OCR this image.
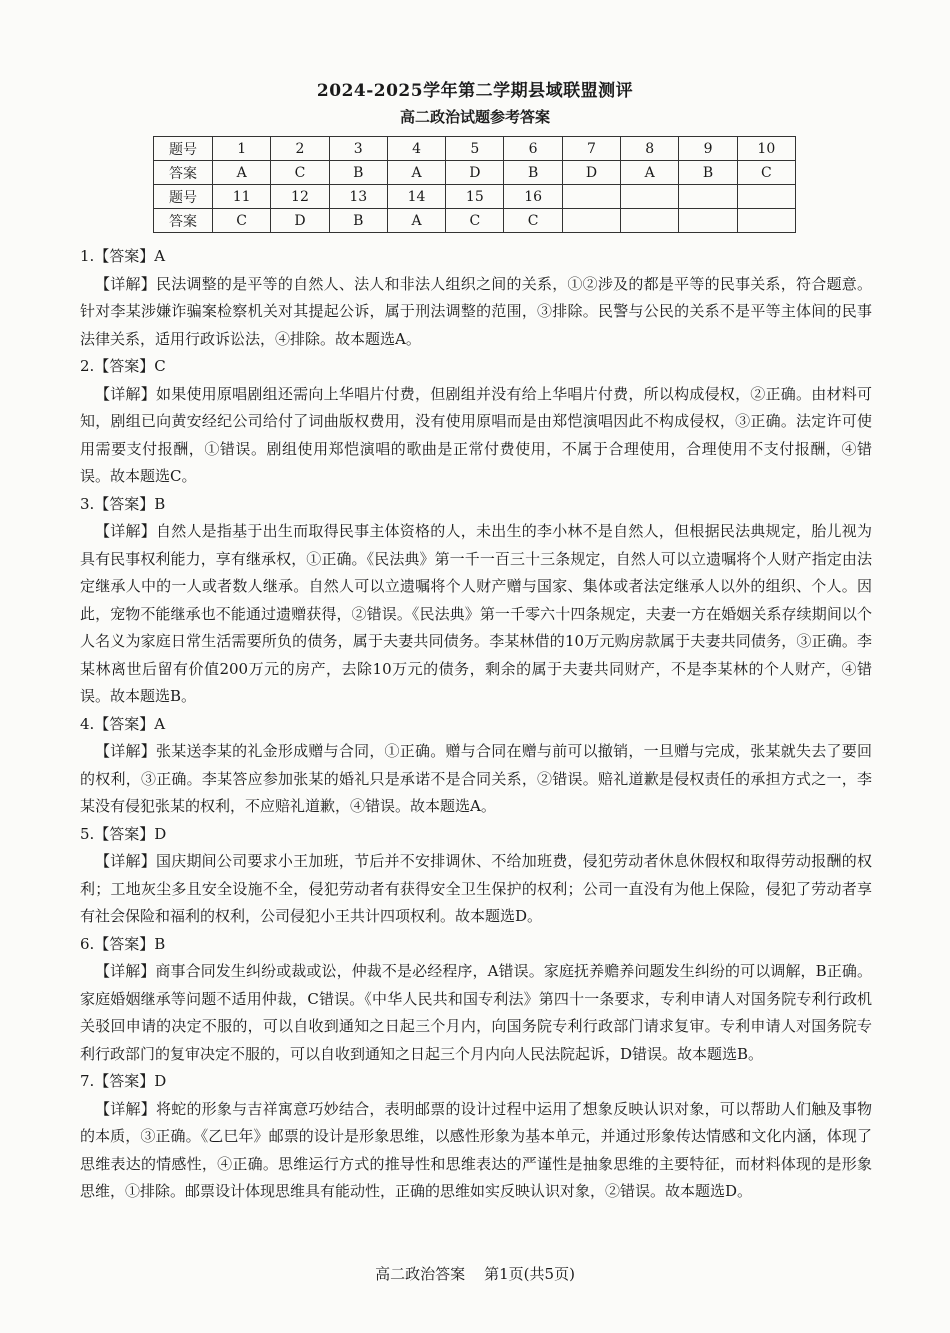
2024-2025学年第二学期县域联盟测评
高二政治试题参考答案
题号	1	2	3	4	5	6	7	8	9	10
答案	A	C	B	A	D	B	D	A	B	C
题号	11	12	13	14	15	16				
答案	C	D	B	A	C	C				
1.【答案】A
【详解】民法调整的是平等的自然人、法人和非法人组织之间的关系，①②涉及的都是平等的民事关系，符合题意。针对李某涉嫌诈骗案检察机关对其提起公诉，属于刑法调整的范围，③排除。民警与公民的关系不是平等主体间的民事法律关系，适用行政诉讼法，④排除。故本题选A。
2.【答案】C
【详解】如果使用原唱剧组还需向上华唱片付费，但剧组并没有给上华唱片付费，所以构成侵权，②正确。由材料可知，剧组已向黄安经纪公司给付了词曲版权费用，没有使用原唱而是由郑恺演唱因此不构成侵权，③正确。法定许可使用需要支付报酬，①错误。剧组使用郑恺演唱的歌曲是正常付费使用，不属于合理使用，合理使用不支付报酬，④错误。故本题选C。
3.【答案】B
【详解】自然人是指基于出生而取得民事主体资格的人，未出生的李小林不是自然人，但根据民法典规定，胎儿视为具有民事权利能力，享有继承权，①正确。《民法典》第一千一百三十三条规定，自然人可以立遗嘱将个人财产指定由法定继承人中的一人或者数人继承。自然人可以立遗嘱将个人财产赠与国家、集体或者法定继承人以外的组织、个人。因此，宠物不能继承也不能通过遗赠获得，②错误。《民法典》第一千零六十四条规定，夫妻一方在婚姻关系存续期间以个人名义为家庭日常生活需要所负的债务，属于夫妻共同债务。李某林借的10万元购房款属于夫妻共同债务，③正确。李某林离世后留有价值200万元的房产，去除10万元的债务，剩余的属于夫妻共同财产，不是李某林的个人财产，④错误。故本题选B。
4.【答案】A
【详解】张某送李某的礼金形成赠与合同，①正确。赠与合同在赠与前可以撤销，一旦赠与完成，张某就失去了要回的权利，③正确。李某答应参加张某的婚礼只是承诺不是合同关系，②错误。赔礼道歉是侵权责任的承担方式之一，李某没有侵犯张某的权利，不应赔礼道歉，④错误。故本题选A。
5.【答案】D
【详解】国庆期间公司要求小王加班，节后并不安排调休、不给加班费，侵犯劳动者休息休假权和取得劳动报酬的权利；工地灰尘多且安全设施不全，侵犯劳动者有获得安全卫生保护的权利；公司一直没有为他上保险，侵犯了劳动者享有社会保险和福利的权利，公司侵犯小王共计四项权利。故本题选D。
6.【答案】B
【详解】商事合同发生纠纷或裁或讼，仲裁不是必经程序，A错误。家庭抚养赡养问题发生纠纷的可以调解，B正确。家庭婚姻继承等问题不适用仲裁，C错误。《中华人民共和国专利法》第四十一条要求，专利申请人对国务院专利行政机关驳回申请的决定不服的，可以自收到通知之日起三个月内，向国务院专利行政部门请求复审。专利申请人对国务院专利行政部门的复审决定不服的，可以自收到通知之日起三个月内向人民法院起诉，D错误。故本题选B。
7.【答案】D
【详解】将蛇的形象与吉祥寓意巧妙结合，表明邮票的设计过程中运用了想象反映认识对象，可以帮助人们触及事物的本质，③正确。《乙巳年》邮票的设计是形象思维，以感性形象为基本单元，并通过形象传达情感和文化内涵，体现了思维表达的情感性，④正确。思维运行方式的推导性和思维表达的严谨性是抽象思维的主要特征，而材料体现的是形象思维，①排除。邮票设计体现思维具有能动性，正确的思维如实反映认识对象，②错误。故本题选D。
高二政治答案    第1页(共5页)
